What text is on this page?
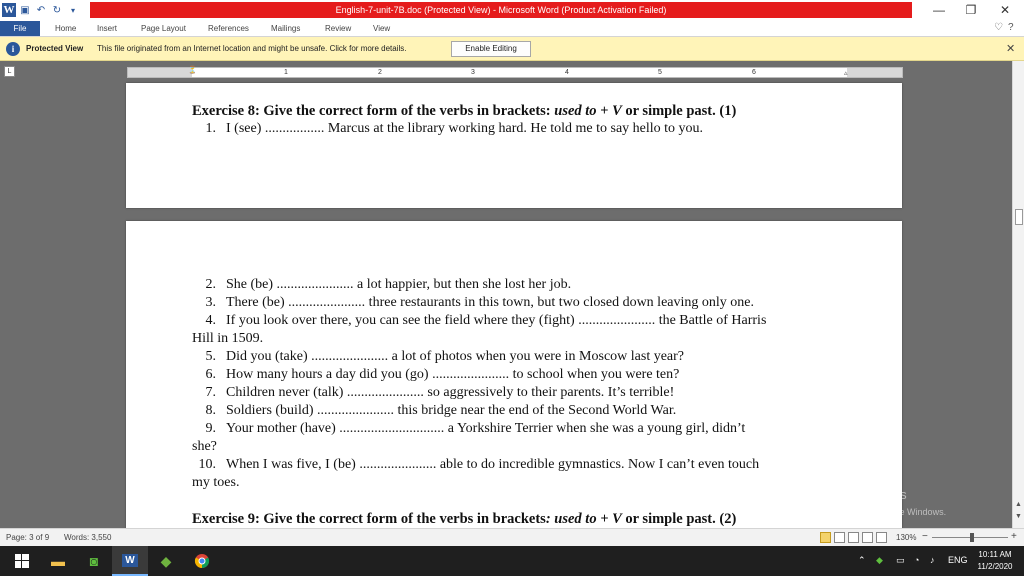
W ▣ ↶ ↻	▾	English-7-unit-7B.doc (Protected View) - Microsoft Word (Product Activation Failed)	—	❐	✕
File	Home	Insert	Page Layout	References	Mailings	Review	View	♡ ?
i	Protected View This file originated from an Internet location and might be unsafe. Click for more details.	Enable Editing	✕
L	1	2	3	4	5	6
⏳	▵
Exercise 8: Give the correct form of the verbs in brackets: used to + V or simple past. (1)
1. I (see) ................. Marcus at the library working hard. He told me to say hello to you.
2. She (be) ...................... a lot happier, but then she lost her job.
3. There (be) ...................... three restaurants in this town, but two closed down leaving only one.
4. If you look over there, you can see the field where they (fight) ...................... the Battle of Harris
Hill in 1509.
5. Did you (take) ...................... a lot of photos when you were in Moscow last year?
6. How many hours a day did you (go) ...................... to school when you were ten?
7. Children never (talk) ...................... so aggressively to their parents. It’s terrible!
8. Soldiers (build) ...................... this bridge near the end of the Second World War.
9. Your mother (have) .............................. a Yorkshire Terrier when she was a young girl, didn’t
she?
10. When I was five, I (be) ...................... able to do incredible gymnastics. Now I can’t even touch
my toes.
Exercise 9: Give the correct form of the verbs in brackets: used to + V or simple past. (2)
Activate Windows
Go to Settings to activate Windows.
▲
▼
Page: 3 of 9 Words: 3,550	130% −	+
▬	◙	W	◆	⌃ ◆ ▭ ◔ ♪ ENG
10:11 AM
11/2/2020
